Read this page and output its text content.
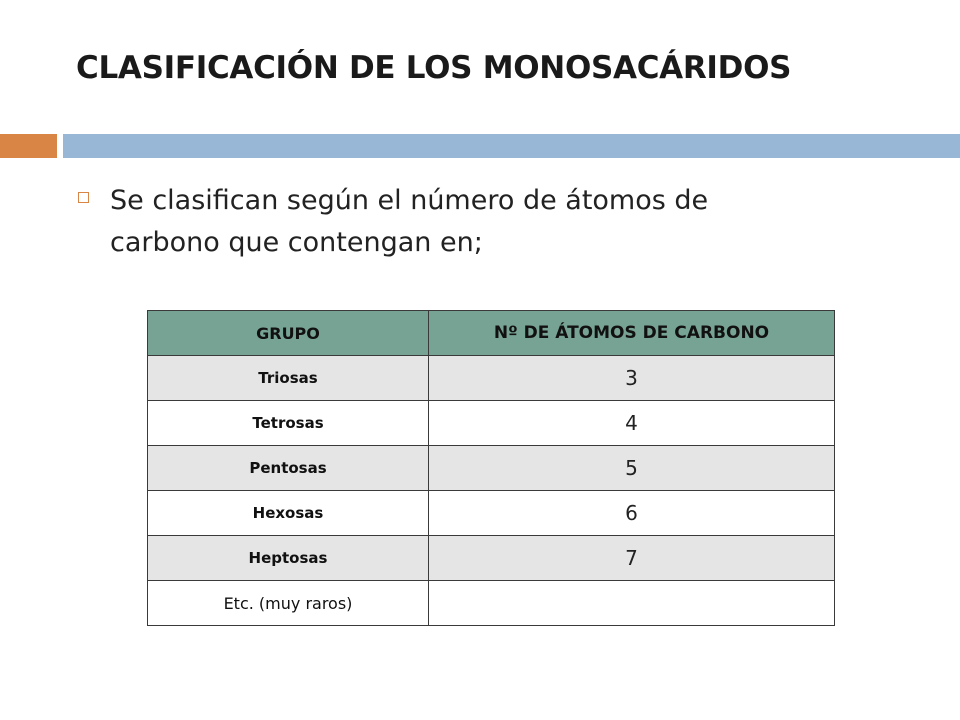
CLASIFICACIÓN DE LOS MONOSACÁRIDOS
Se clasifican según el número de átomos de carbono que contengan en;
GRUPO	Nº DE ÁTOMOS DE CARBONO
Triosas	3
Tetrosas	4
Pentosas	5
Hexosas	6
Heptosas	7
Etc. (muy raros)	
